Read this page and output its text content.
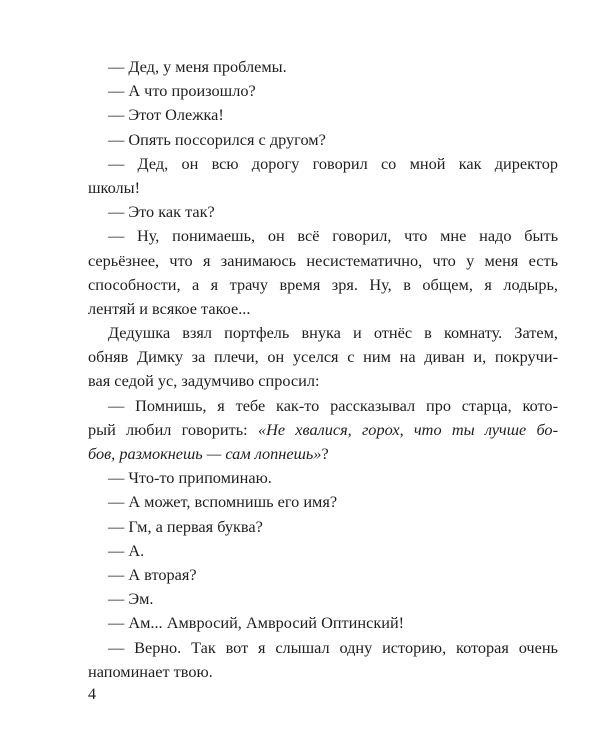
— Дед, у меня проблемы.
— А что произошло?
— Этот Олежка!
— Опять поссорился с другом?
— Дед, он всю дорогу говорил со мной как директор
школы!
— Это как так?
— Ну, понимаешь, он всё говорил, что мне надо быть
серьёзнее, что я занимаюсь несистематично, что у меня есть
способности, а я трачу время зря. Ну, в общем, я лодырь,
лентяй и всякое такое...
Дедушка взял портфель внука и отнёс в комнату. Затем,
обняв Димку за плечи, он уселся с ним на диван и, покручи-
вая седой ус, задумчиво спросил:
— Помнишь, я тебе как-то рассказывал про старца, кото-
рый любил говорить: «Не хвалися, горох, что ты лучше бо-
бов, размокнешь — сам лопнешь»?
— Что-то припоминаю.
— А может, вспомнишь его имя?
— Гм, а первая буква?
— А.
— А вторая?
— Эм.
— Ам... Амвросий, Амвросий Оптинский!
— Верно. Так вот я слышал одну историю, которая очень
напоминает твою.
4
